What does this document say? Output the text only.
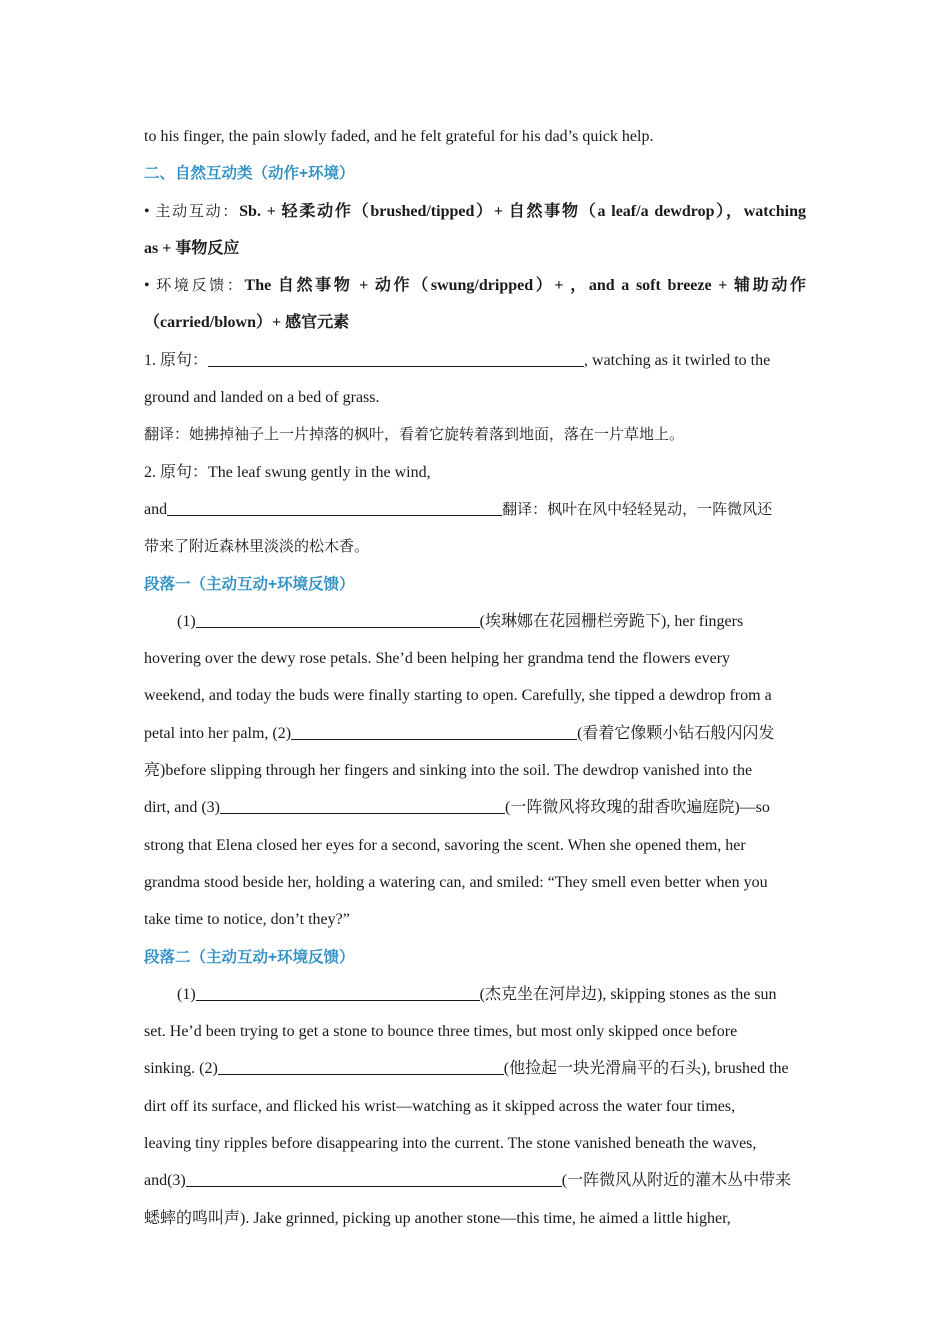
to his finger, the pain slowly faded, and he felt grateful for his dad’s quick help.
二、自然互动类（动作+环境）
• 主动互动：Sb. + 轻柔动作（brushed/tipped）+ 自然事物（a leaf/a dewdrop），watching
as + 事物反应
• 环境反馈：The 自然事物 + 动作（swung/dripped）+ ，and a soft breeze + 辅助动作
（carried/blown）+ 感官元素
1. 原句：	, watching as it twirled to the
ground and landed on a bed of grass.
翻译：她拂掉袖子上一片掉落的枫叶，看着它旋转着落到地面，落在一片草地上。
2. 原句：The leaf swung gently in the wind,
and	翻译：枫叶在风中轻轻晃动，一阵微风还
带来了附近森林里淡淡的松木香。
段落一（主动互动+环境反馈）
(1)	(埃琳娜在花园栅栏旁跪下), her fingers
hovering over the dewy rose petals. She’d been helping her grandma tend the flowers every
weekend, and today the buds were finally starting to open. Carefully, she tipped a dewdrop from a
petal into her palm, (2)	(看着它像颗小钻石般闪闪发
亮)before slipping through her fingers and sinking into the soil. The dewdrop vanished into the
dirt, and (3)	(一阵微风将玫瑰的甜香吹遍庭院)—so
strong that Elena closed her eyes for a second, savoring the scent. When she opened them, her
grandma stood beside her, holding a watering can, and smiled: “They smell even better when you
take time to notice, don’t they?”
段落二（主动互动+环境反馈）
(1)	(杰克坐在河岸边), skipping stones as the sun
set. He’d been trying to get a stone to bounce three times, but most only skipped once before
sinking. (2)	(他捡起一块光滑扁平的石头), brushed the
dirt off its surface, and flicked his wrist—watching as it skipped across the water four times,
leaving tiny ripples before disappearing into the current. The stone vanished beneath the waves,
and(3)	(一阵微风从附近的灌木丛中带来
蟋蟀的鸣叫声). Jake grinned, picking up another stone—this time, he aimed a little higher,
